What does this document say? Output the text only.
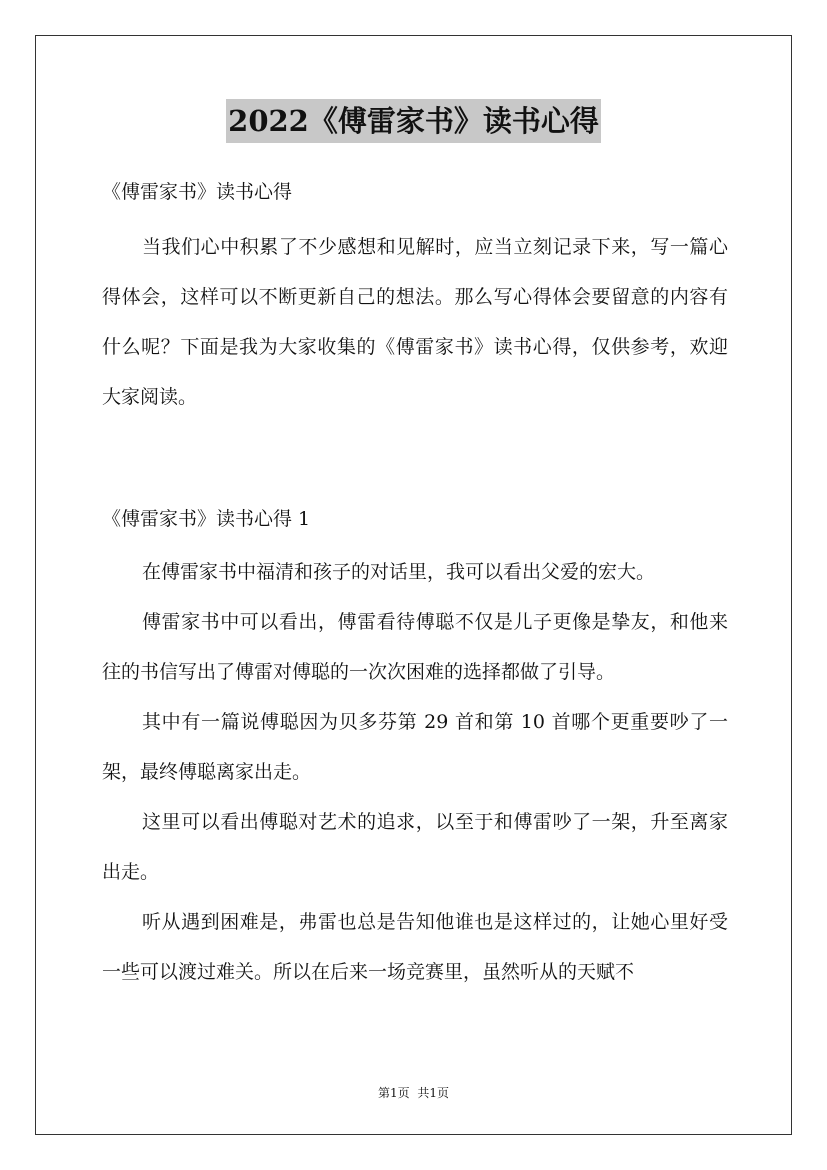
2022《傅雷家书》读书心得

《傅雷家书》读书心得

当我们心中积累了不少感想和见解时，应当立刻记录下来，写一篇心得体会，这样可以不断更新自己的想法。那么写心得体会要留意的内容有什么呢？下面是我为大家收集的《傅雷家书》读书心得，仅供参考，欢迎大家阅读。

《傅雷家书》读书心得 1

在傅雷家书中福清和孩子的对话里，我可以看出父爱的宏大。

傅雷家书中可以看出，傅雷看待傅聪不仅是儿子更像是挚友，和他来往的书信写出了傅雷对傅聪的一次次困难的选择都做了引导。

其中有一篇说傅聪因为贝多芬第 29 首和第 10 首哪个更重要吵了一架，最终傅聪离家出走。

这里可以看出傅聪对艺术的追求，以至于和傅雷吵了一架，升至离家出走。

听从遇到困难是，弗雷也总是告知他谁也是这样过的，让她心里好受一些可以渡过难关。所以在后来一场竞赛里，虽然听从的天赋不

第1页 共1页
